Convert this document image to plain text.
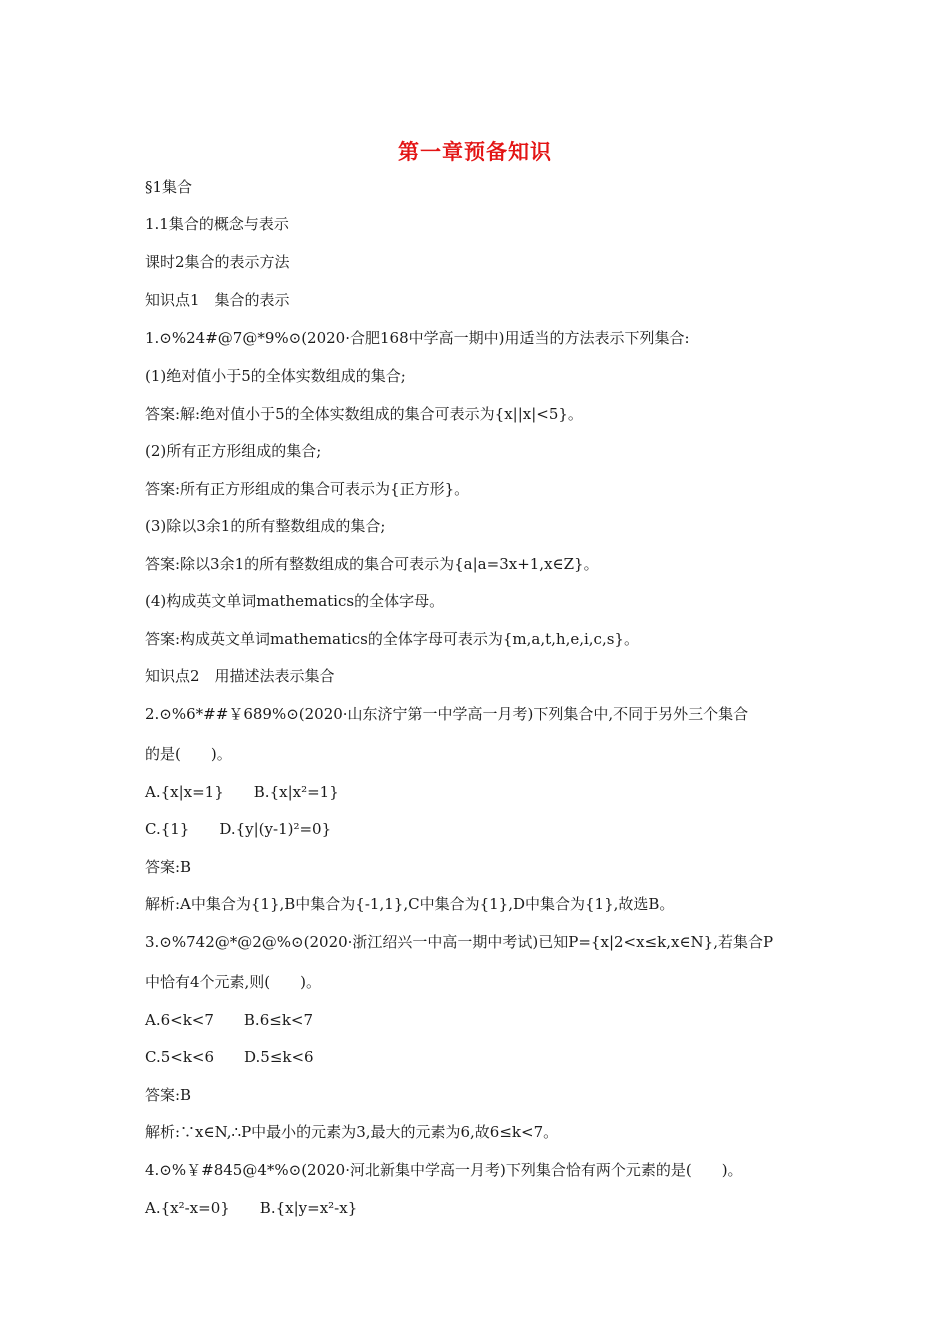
第一章预备知识
§1集合
1.1集合的概念与表示
课时2集合的表示方法
知识点1　集合的表示
1.⊙%24#@7@*9%⊙(2020·合肥168中学高一期中)用适当的方法表示下列集合:
(1)绝对值小于5的全体实数组成的集合;
答案:解:绝对值小于5的全体实数组成的集合可表示为{x||x|<5}。
(2)所有正方形组成的集合;
答案:所有正方形组成的集合可表示为{正方形}。
(3)除以3余1的所有整数组成的集合;
答案:除以3余1的所有整数组成的集合可表示为{a|a=3x+1,x∈Z}。
(4)构成英文单词mathematics的全体字母。
答案:构成英文单词mathematics的全体字母可表示为{m,a,t,h,e,i,c,s}。
知识点2　用描述法表示集合
2.⊙%6*##￥689%⊙(2020·山东济宁第一中学高一月考)下列集合中,不同于另外三个集合
的是(　　)。
A.{x|x=1}　　B.{x|x²=1}
C.{1}　　D.{y|(y-1)²=0}
答案:B
解析:A中集合为{1},B中集合为{-1,1},C中集合为{1},D中集合为{1},故选B。
3.⊙%742@*@2@%⊙(2020·浙江绍兴一中高一期中考试)已知P={x|2<x≤k,x∈N},若集合P
中恰有4个元素,则(　　)。
A.6<k<7　　B.6≤k<7
C.5<k<6　　D.5≤k<6
答案:B
解析:∵x∈N,∴P中最小的元素为3,最大的元素为6,故6≤k<7。
4.⊙%￥#845@4*%⊙(2020·河北新集中学高一月考)下列集合恰有两个元素的是(　　)。
A.{x²-x=0}　　B.{x|y=x²-x}
